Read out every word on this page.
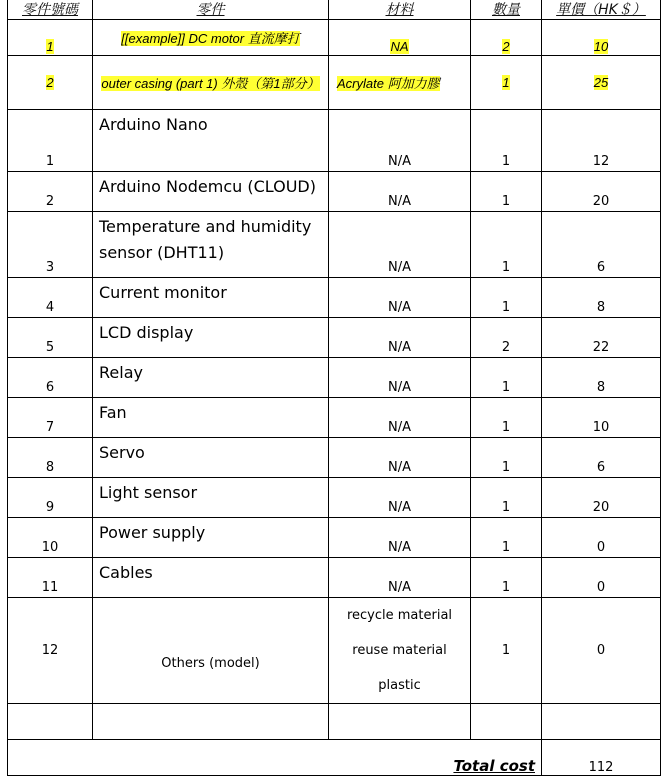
零件號碼	零件	材料	數量	單價（HK＄）
1	[[example]] DC motor 直流摩打	NA	2	10
2	outer casing (part 1) 外殼（第1部分）	Acrylate 阿加力膠	1	25
1	Arduino Nano	N/A	1	12
2	Arduino Nodemcu (CLOUD)	N/A	1	20
3	Temperature and humidity sensor (DHT11)	N/A	1	6
4	Current monitor	N/A	1	8
5	LCD display	N/A	2	22
6	Relay	N/A	1	8
7	Fan	N/A	1	10
8	Servo	N/A	1	6
9	Light sensor	N/A	1	20
10	Power supply	N/A	1	0
11	Cables	N/A	1	0
12	Others (model)	recycle material
reuse material
plastic	1	0

Total cost				112
